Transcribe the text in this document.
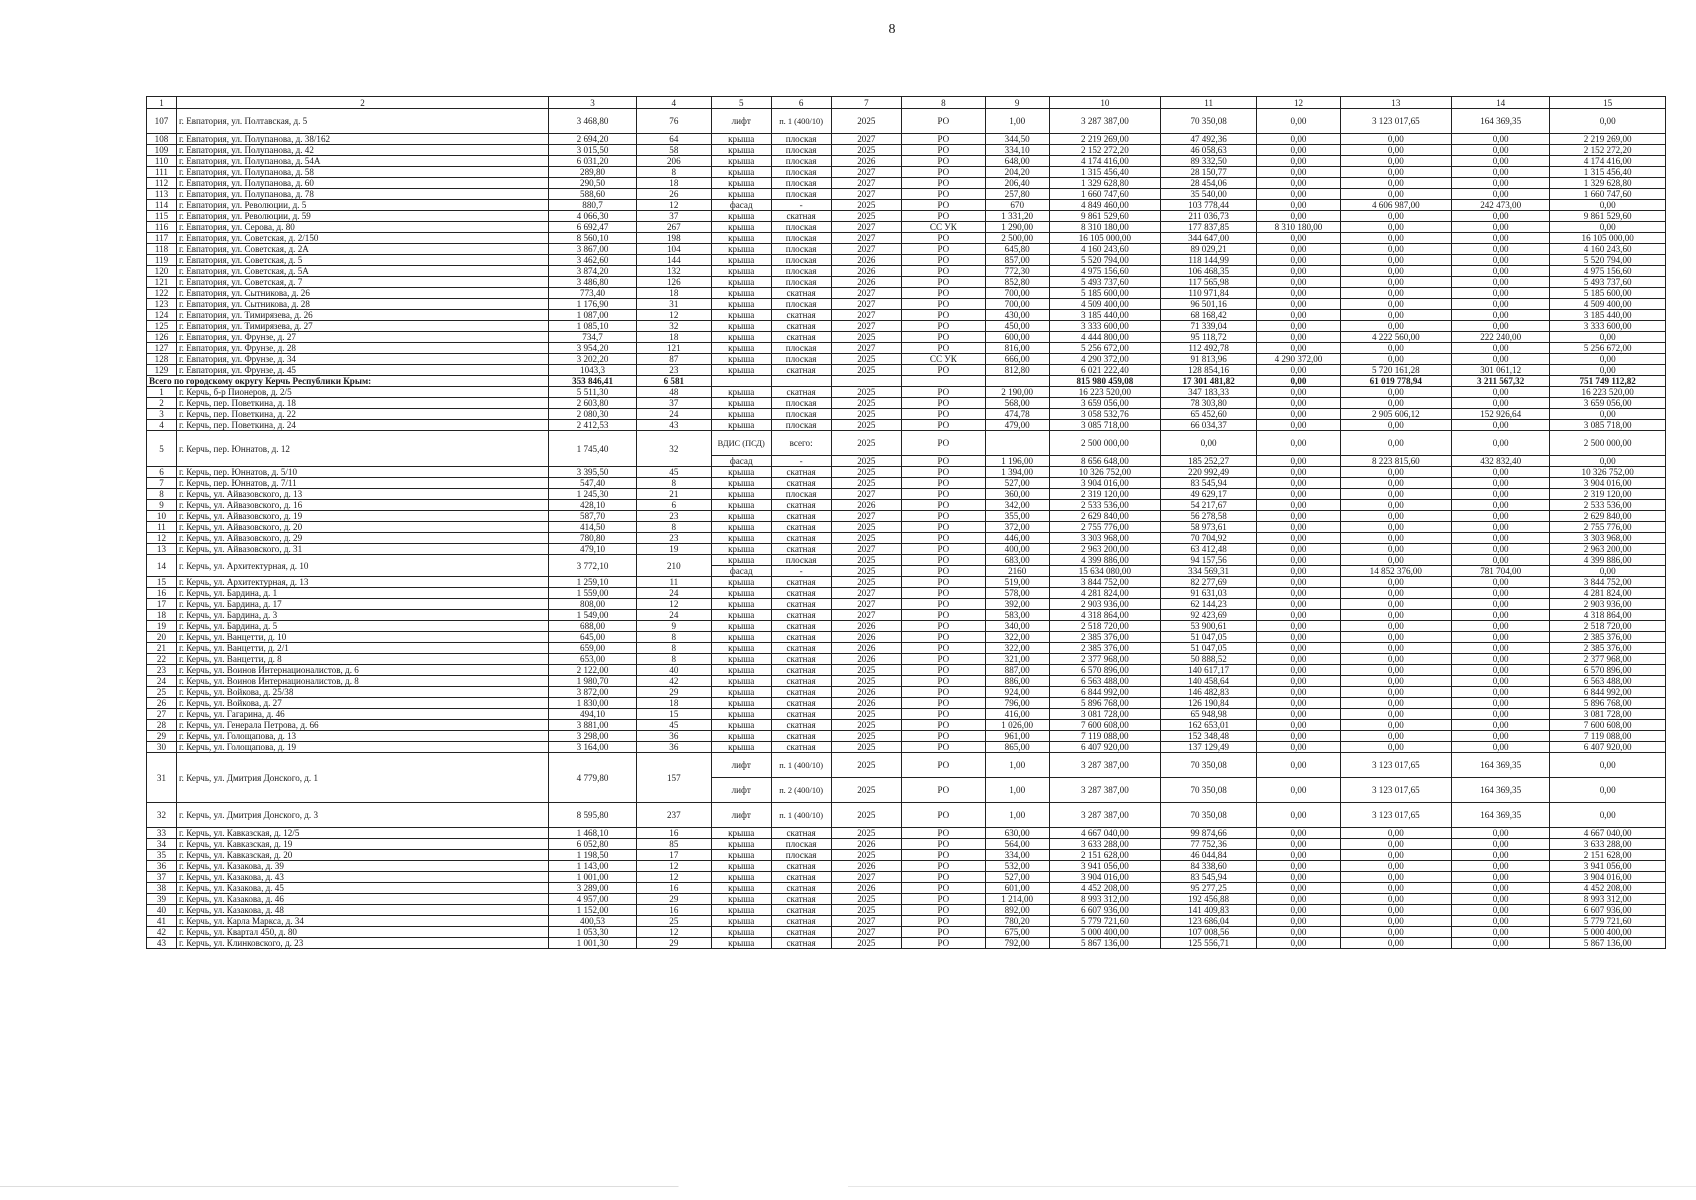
8
1	2	3	4	5	6	7	8	9	10	11	12	13	14	15
107	г. Евпатория, ул. Полтавская, д. 5	3 468,80	76	лифт	п. 1 (400/10)	2025	РО	1,00	3 287 387,00	70 350,08	0,00	3 123 017,65	164 369,35	0,00
108	г. Евпатория, ул. Полупанова, д. 38/162	2 694,20	64	крыша	плоская	2027	РО	344,50	2 219 269,00	47 492,36	0,00	0,00	0,00	2 219 269,00
109	г. Евпатория, ул. Полупанова, д. 42	3 015,50	58	крыша	плоская	2025	РО	334,10	2 152 272,20	46 058,63	0,00	0,00	0,00	2 152 272,20
110	г. Евпатория, ул. Полупанова, д. 54А	6 031,20	206	крыша	плоская	2026	РО	648,00	4 174 416,00	89 332,50	0,00	0,00	0,00	4 174 416,00
111	г. Евпатория, ул. Полупанова, д. 58	289,80	8	крыша	плоская	2027	РО	204,20	1 315 456,40	28 150,77	0,00	0,00	0,00	1 315 456,40
112	г. Евпатория, ул. Полупанова, д. 60	290,50	18	крыша	плоская	2027	РО	206,40	1 329 628,80	28 454,06	0,00	0,00	0,00	1 329 628,80
113	г. Евпатория, ул. Полупанова, д. 78	588,60	26	крыша	плоская	2027	РО	257,80	1 660 747,60	35 540,00	0,00	0,00	0,00	1 660 747,60
114	г. Евпатория, ул. Революции, д. 5	880,7	12	фасад	-	2025	РО	670	4 849 460,00	103 778,44	0,00	4 606 987,00	242 473,00	0,00
115	г. Евпатория, ул. Революции, д. 59	4 066,30	37	крыша	скатная	2025	РО	1 331,20	9 861 529,60	211 036,73	0,00	0,00	0,00	9 861 529,60
116	г. Евпатория, ул. Серова, д. 80	6 692,47	267	крыша	плоская	2027	СС УК	1 290,00	8 310 180,00	177 837,85	8 310 180,00	0,00	0,00	0,00
117	г. Евпатория, ул. Советская, д. 2/150	8 560,10	198	крыша	плоская	2027	РО	2 500,00	16 105 000,00	344 647,00	0,00	0,00	0,00	16 105 000,00
118	г. Евпатория, ул. Советская, д. 2А	3 867,00	104	крыша	плоская	2027	РО	645,80	4 160 243,60	89 029,21	0,00	0,00	0,00	4 160 243,60
119	г. Евпатория, ул. Советская, д. 5	3 462,60	144	крыша	плоская	2026	РО	857,00	5 520 794,00	118 144,99	0,00	0,00	0,00	5 520 794,00
120	г. Евпатория, ул. Советская, д. 5А	3 874,20	132	крыша	плоская	2026	РО	772,30	4 975 156,60	106 468,35	0,00	0,00	0,00	4 975 156,60
121	г. Евпатория, ул. Советская, д. 7	3 486,80	126	крыша	плоская	2026	РО	852,80	5 493 737,60	117 565,98	0,00	0,00	0,00	5 493 737,60
122	г. Евпатория, ул. Сытникова, д. 26	773,40	18	крыша	скатная	2027	РО	700,00	5 185 600,00	110 971,84	0,00	0,00	0,00	5 185 600,00
123	г. Евпатория, ул. Сытникова, д. 28	1 176,90	31	крыша	плоская	2027	РО	700,00	4 509 400,00	96 501,16	0,00	0,00	0,00	4 509 400,00
124	г. Евпатория, ул. Тимирязева, д. 26	1 087,00	12	крыша	скатная	2027	РО	430,00	3 185 440,00	68 168,42	0,00	0,00	0,00	3 185 440,00
125	г. Евпатория, ул. Тимирязева, д. 27	1 085,10	32	крыша	скатная	2027	РО	450,00	3 333 600,00	71 339,04	0,00	0,00	0,00	3 333 600,00
126	г. Евпатория, ул. Фрунзе, д. 27	734,7	18	крыша	скатная	2025	РО	600,00	4 444 800,00	95 118,72	0,00	4 222 560,00	222 240,00	0,00
127	г. Евпатория, ул. Фрунзе, д. 28	3 954,20	121	крыша	плоская	2027	РО	816,00	5 256 672,00	112 492,78	0,00	0,00	0,00	5 256 672,00
128	г. Евпатория, ул. Фрунзе, д. 34	3 202,20	87	крыша	плоская	2025	СС УК	666,00	4 290 372,00	91 813,96	4 290 372,00	0,00	0,00	0,00
129	г. Евпатория, ул. Фрунзе, д. 45	1043,3	23	крыша	скатная	2025	РО	812,80	6 021 222,40	128 854,16	0,00	5 720 161,28	301 061,12	0,00
Всего по городскому округу Керчь Республики Крым:		353 846,41	6 581						815 980 459,08	17 301 481,82	0,00	61 019 778,94	3 211 567,32	751 749 112,82
1	г. Керчь, б-р Пионеров, д. 2/5	5 511,30	48	крыша	скатная	2025	РО	2 190,00	16 223 520,00	347 183,33	0,00	0,00	0,00	16 223 520,00
2	г. Керчь, пер. Поветкина, д. 18	2 603,80	37	крыша	плоская	2025	РО	568,00	3 659 056,00	78 303,80	0,00	0,00	0,00	3 659 056,00
3	г. Керчь, пер. Поветкина, д. 22	2 080,30	24	крыша	плоская	2025	РО	474,78	3 058 532,76	65 452,60	0,00	2 905 606,12	152 926,64	0,00
4	г. Керчь, пер. Поветкина, д. 24	2 412,53	43	крыша	плоская	2025	РО	479,00	3 085 718,00	66 034,37	0,00	0,00	0,00	3 085 718,00
5	г. Керчь, пер. Юннатов, д. 12	1 745,40	32	ВДИС (ПСД)	всего:	2025	РО		2 500 000,00	0,00	0,00	0,00	0,00	2 500 000,00
				фасад	-	2025	РО	1 196,00	8 656 648,00	185 252,27	0,00	8 223 815,60	432 832,40	0,00
6	г. Керчь, пер. Юннатов, д. 5/10	3 395,50	45	крыша	скатная	2025	РО	1 394,00	10 326 752,00	220 992,49	0,00	0,00	0,00	10 326 752,00
7	г. Керчь, пер. Юннатов, д. 7/11	547,40	8	крыша	скатная	2025	РО	527,00	3 904 016,00	83 545,94	0,00	0,00	0,00	3 904 016,00
8	г. Керчь, ул. Айвазовского, д. 13	1 245,30	21	крыша	плоская	2027	РО	360,00	2 319 120,00	49 629,17	0,00	0,00	0,00	2 319 120,00
9	г. Керчь, ул. Айвазовского, д. 16	428,10	6	крыша	скатная	2026	РО	342,00	2 533 536,00	54 217,67	0,00	0,00	0,00	2 533 536,00
10	г. Керчь, ул. Айвазовского, д. 19	587,70	23	крыша	скатная	2027	РО	355,00	2 629 840,00	56 278,58	0,00	0,00	0,00	2 629 840,00
11	г. Керчь, ул. Айвазовского, д. 20	414,50	8	крыша	скатная	2025	РО	372,00	2 755 776,00	58 973,61	0,00	0,00	0,00	2 755 776,00
12	г. Керчь, ул. Айвазовского, д. 29	780,80	23	крыша	скатная	2025	РО	446,00	3 303 968,00	70 704,92	0,00	0,00	0,00	3 303 968,00
13	г. Керчь, ул. Айвазовского, д. 31	479,10	19	крыша	скатная	2027	РО	400,00	2 963 200,00	63 412,48	0,00	0,00	0,00	2 963 200,00
14	г. Керчь, ул. Архитектурная, д. 10	3 772,10	210	крыша	плоская	2025	РО	683,00	4 399 886,00	94 157,56	0,00	0,00	0,00	4 399 886,00
				фасад	-	2025	РО	2160	15 634 080,00	334 569,31	0,00	14 852 376,00	781 704,00	0,00
15	г. Керчь, ул. Архитектурная, д. 13	1 259,10	11	крыша	скатная	2025	РО	519,00	3 844 752,00	82 277,69	0,00	0,00	0,00	3 844 752,00
16	г. Керчь, ул. Бардина, д. 1	1 559,00	24	крыша	скатная	2027	РО	578,00	4 281 824,00	91 631,03	0,00	0,00	0,00	4 281 824,00
17	г. Керчь, ул. Бардина, д. 17	808,00	12	крыша	скатная	2027	РО	392,00	2 903 936,00	62 144,23	0,00	0,00	0,00	2 903 936,00
18	г. Керчь, ул. Бардина, д. 3	1 549,00	24	крыша	скатная	2027	РО	583,00	4 318 864,00	92 423,69	0,00	0,00	0,00	4 318 864,00
19	г. Керчь, ул. Бардина, д. 5	688,00	9	крыша	скатная	2026	РО	340,00	2 518 720,00	53 900,61	0,00	0,00	0,00	2 518 720,00
20	г. Керчь, ул. Ванцетти, д. 10	645,00	8	крыша	скатная	2026	РО	322,00	2 385 376,00	51 047,05	0,00	0,00	0,00	2 385 376,00
21	г. Керчь, ул. Ванцетти, д. 2/1	659,00	8	крыша	скатная	2026	РО	322,00	2 385 376,00	51 047,05	0,00	0,00	0,00	2 385 376,00
22	г. Керчь, ул. Ванцетти, д. 8	653,00	8	крыша	скатная	2026	РО	321,00	2 377 968,00	50 888,52	0,00	0,00	0,00	2 377 968,00
23	г. Керчь, ул. Воинов Интернационалистов, д. 6	2 122,00	40	крыша	скатная	2025	РО	887,00	6 570 896,00	140 617,17	0,00	0,00	0,00	6 570 896,00
24	г. Керчь, ул. Воинов Интернационалистов, д. 8	1 980,70	42	крыша	скатная	2025	РО	886,00	6 563 488,00	140 458,64	0,00	0,00	0,00	6 563 488,00
25	г. Керчь, ул. Войкова, д. 25/38	3 872,00	29	крыша	скатная	2026	РО	924,00	6 844 992,00	146 482,83	0,00	0,00	0,00	6 844 992,00
26	г. Керчь, ул. Войкова, д. 27	1 830,00	18	крыша	скатная	2026	РО	796,00	5 896 768,00	126 190,84	0,00	0,00	0,00	5 896 768,00
27	г. Керчь, ул. Гагарина, д. 46	494,10	15	крыша	скатная	2025	РО	416,00	3 081 728,00	65 948,98	0,00	0,00	0,00	3 081 728,00
28	г. Керчь, ул. Генерала Петрова, д. 66	3 881,00	45	крыша	скатная	2025	РО	1 026,00	7 600 608,00	162 653,01	0,00	0,00	0,00	7 600 608,00
29	г. Керчь, ул. Голощапова, д. 13	3 298,00	36	крыша	скатная	2025	РО	961,00	7 119 088,00	152 348,48	0,00	0,00	0,00	7 119 088,00
30	г. Керчь, ул. Голощапова, д. 19	3 164,00	36	крыша	скатная	2025	РО	865,00	6 407 920,00	137 129,49	0,00	0,00	0,00	6 407 920,00
31	г. Керчь, ул. Дмитрия Донского, д. 1	4 779,80	157	лифт	п. 1 (400/10)	2025	РО	1,00	3 287 387,00	70 350,08	0,00	3 123 017,65	164 369,35	0,00
				лифт	п. 2 (400/10)	2025	РО	1,00	3 287 387,00	70 350,08	0,00	3 123 017,65	164 369,35	0,00
32	г. Керчь, ул. Дмитрия Донского, д. 3	8 595,80	237	лифт	п. 1 (400/10)	2025	РО	1,00	3 287 387,00	70 350,08	0,00	3 123 017,65	164 369,35	0,00
33	г. Керчь, ул. Кавказская, д. 12/5	1 468,10	16	крыша	скатная	2025	РО	630,00	4 667 040,00	99 874,66	0,00	0,00	0,00	4 667 040,00
34	г. Керчь, ул. Кавказская, д. 19	6 052,80	85	крыша	плоская	2026	РО	564,00	3 633 288,00	77 752,36	0,00	0,00	0,00	3 633 288,00
35	г. Керчь, ул. Кавказская, д. 20	1 198,50	17	крыша	плоская	2025	РО	334,00	2 151 628,00	46 044,84	0,00	0,00	0,00	2 151 628,00
36	г. Керчь, ул. Казакова, д. 39	1 143,00	12	крыша	скатная	2026	РО	532,00	3 941 056,00	84 338,60	0,00	0,00	0,00	3 941 056,00
37	г. Керчь, ул. Казакова, д. 43	1 001,00	12	крыша	скатная	2027	РО	527,00	3 904 016,00	83 545,94	0,00	0,00	0,00	3 904 016,00
38	г. Керчь, ул. Казакова, д. 45	3 289,00	16	крыша	скатная	2026	РО	601,00	4 452 208,00	95 277,25	0,00	0,00	0,00	4 452 208,00
39	г. Керчь, ул. Казакова, д. 46	4 957,00	29	крыша	скатная	2025	РО	1 214,00	8 993 312,00	192 456,88	0,00	0,00	0,00	8 993 312,00
40	г. Керчь, ул. Казакова, д. 48	1 152,00	16	крыша	скатная	2025	РО	892,00	6 607 936,00	141 409,83	0,00	0,00	0,00	6 607 936,00
41	г. Керчь, ул. Карла Маркса, д. 34	400,53	25	крыша	скатная	2027	РО	780,20	5 779 721,60	123 686,04	0,00	0,00	0,00	5 779 721,60
42	г. Керчь, ул. Квартал 450, д. 80	1 053,30	12	крыша	скатная	2027	РО	675,00	5 000 400,00	107 008,56	0,00	0,00	0,00	5 000 400,00
43	г. Керчь, ул. Клинковского, д. 23	1 001,30	29	крыша	скатная	2025	РО	792,00	5 867 136,00	125 556,71	0,00	0,00	0,00	5 867 136,00
